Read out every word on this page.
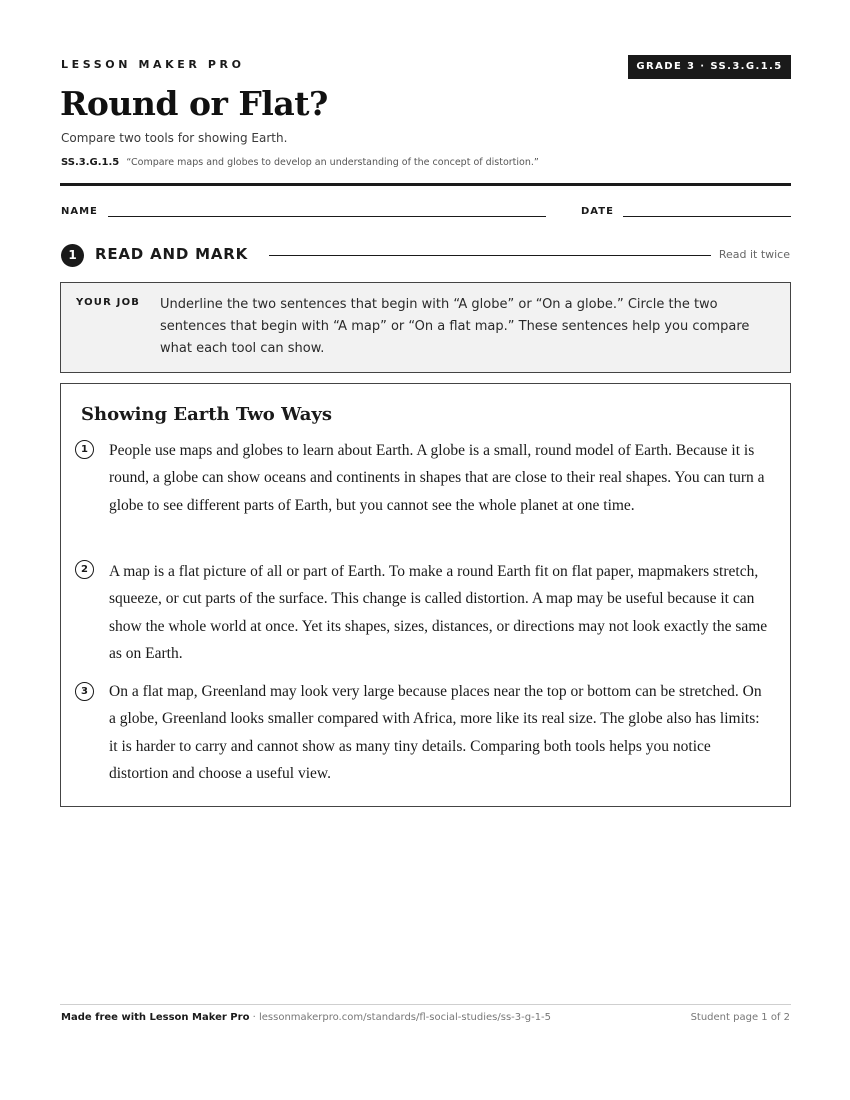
LESSON MAKER PRO	GRADE 3 · SS.3.G.1.5
Round or Flat?
Compare two tools for showing Earth.
SS.3.G.1.5 “Compare maps and globes to develop an understanding of the concept of distortion.”
NAME	DATE
1	READ AND MARK	Read it twice
YOUR JOB Underline the two sentences that begin with “A globe” or “On a globe.” Circle the two sentences that begin with “A map” or “On a flat map.” These sentences help you compare what each tool can show.
Showing Earth Two Ways
1	People use maps and globes to learn about Earth. A globe is a small, round model of Earth. Because it is round, a globe can show oceans and continents in shapes that are close to their real shapes. You can turn a globe to see different parts of Earth, but you cannot see the whole planet at one time.
2	A map is a flat picture of all or part of Earth. To make a round Earth fit on flat paper, mapmakers stretch, squeeze, or cut parts of the surface. This change is called distortion. A map may be useful because it can show the whole world at once. Yet its shapes, sizes, distances, or directions may not look exactly the same as on Earth.
3	On a flat map, Greenland may look very large because places near the top or bottom can be stretched. On a globe, Greenland looks smaller compared with Africa, more like its real size. The globe also has limits: it is harder to carry and cannot show as many tiny details. Comparing both tools helps you notice distortion and choose a useful view.
Made free with Lesson Maker Pro · lessonmakerpro.com/standards/fl-social-studies/ss-3-g-1-5	Student page 1 of 2
